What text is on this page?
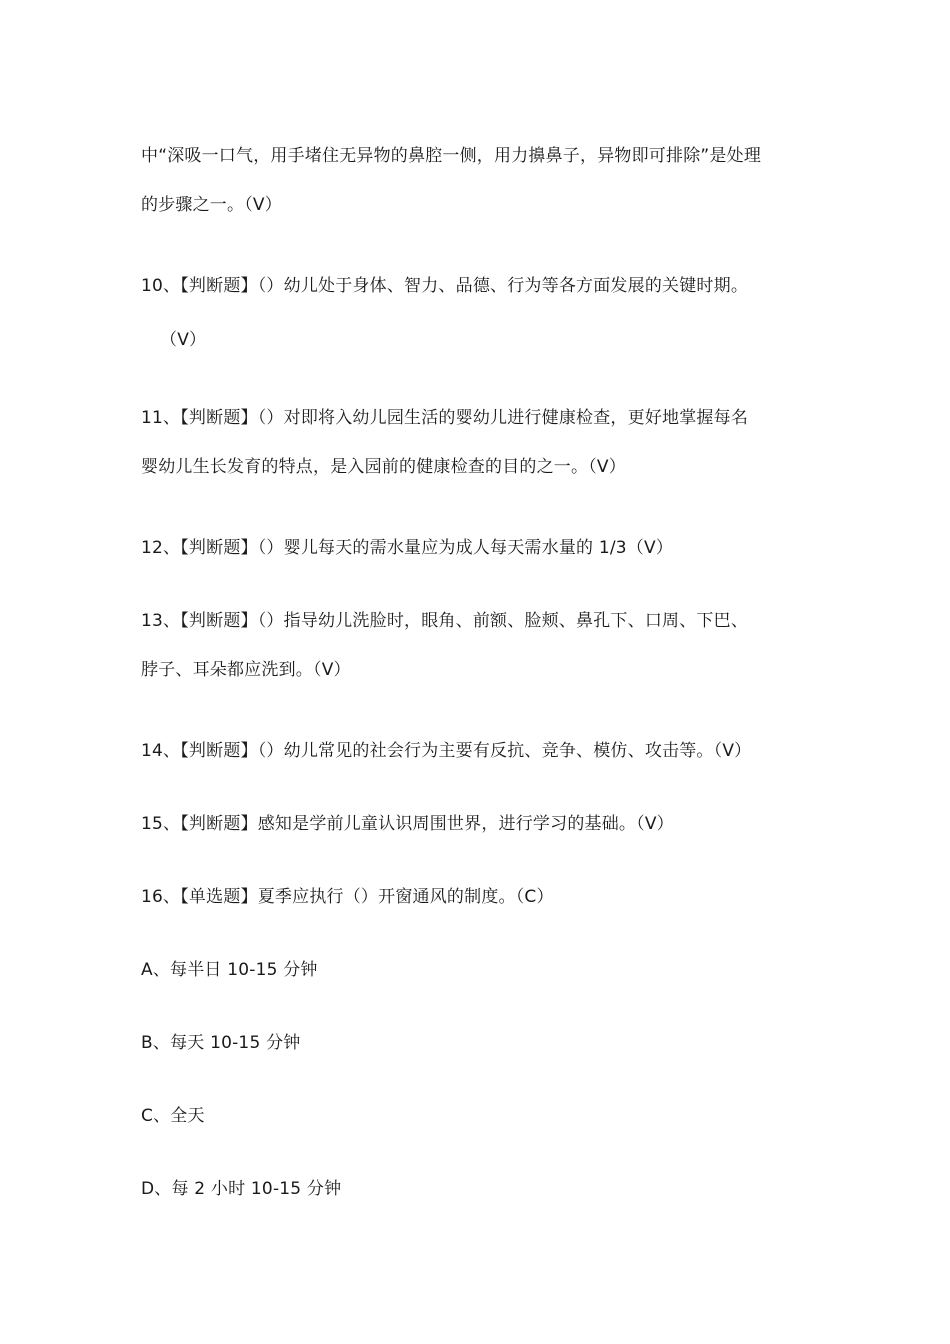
中“深吸一口气，用手堵住无异物的鼻腔一侧，用力擤鼻子，异物即可排除”是处理
的步骤之一。（V）
10、【判断题】（）幼儿处于身体、智力、品德、行为等各方面发展的关键时期。
（V）
11、【判断题】（）对即将入幼儿园生活的婴幼儿进行健康检查，更好地掌握每名
婴幼儿生长发育的特点，是入园前的健康检查的目的之一。（V）
12、【判断题】（）婴儿每天的需水量应为成人每天需水量的 1/3（V）
13、【判断题】（）指导幼儿洗脸时，眼角、前额、脸颊、鼻孔下、口周、下巴、
脖子、耳朵都应洗到。（V）
14、【判断题】（）幼儿常见的社会行为主要有反抗、竞争、模仿、攻击等。（V）
15、【判断题】感知是学前儿童认识周围世界，进行学习的基础。（V）
16、【单选题】夏季应执行（）开窗通风的制度。（C）
A、每半日 10-15 分钟
B、每天 10-15 分钟
C、全天
D、每 2 小时 10-15 分钟
